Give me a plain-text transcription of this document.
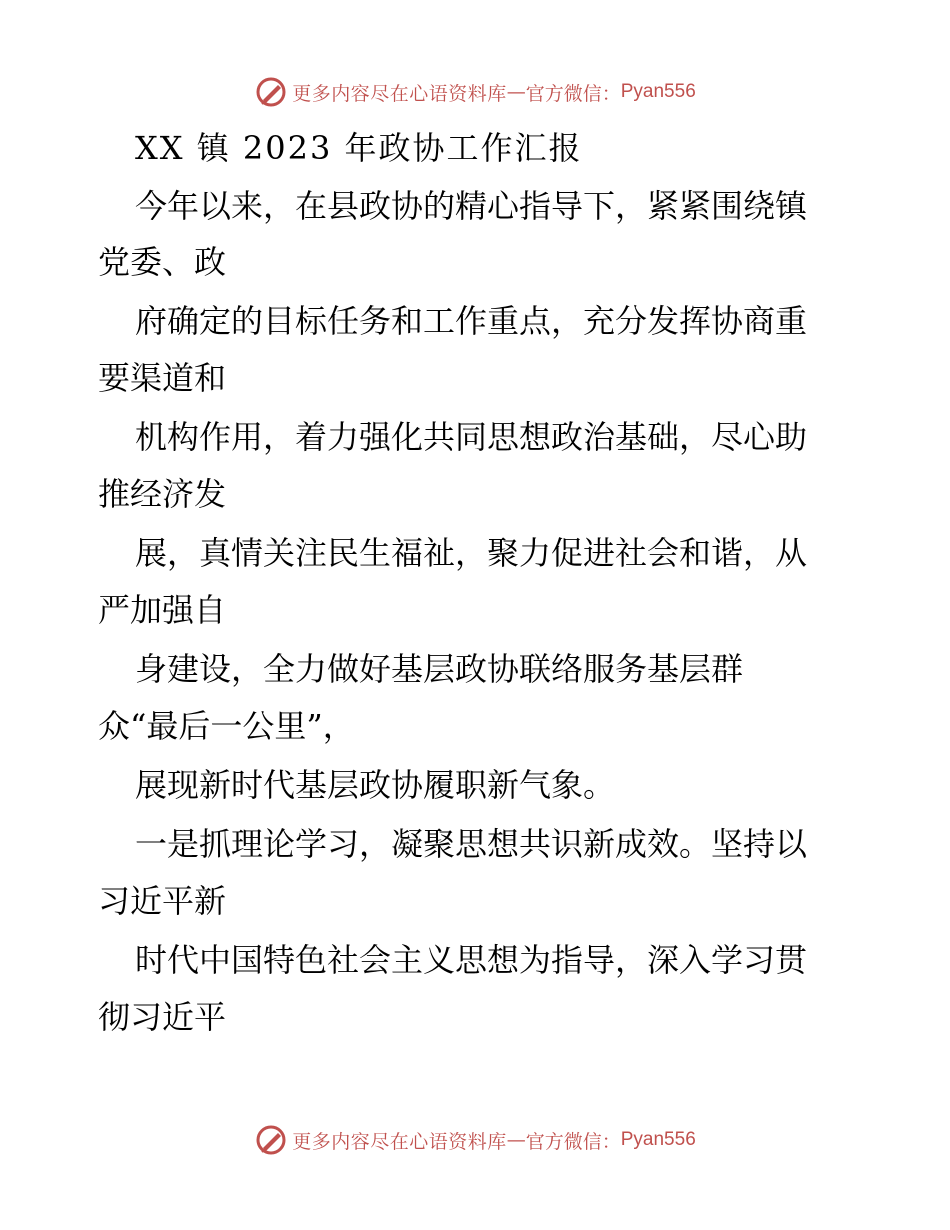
更多内容尽在心语资料库 — 官方微信： Pyan556
XX 镇 2023 年政协工作汇报
今年以来，在县政协的精心指导下，紧紧围绕镇
党委、政
府确定的目标任务和工作重点，充分发挥协商重
要渠道和
机构作用，着力强化共同思想政治基础，尽心助
推经济发
展，真情关注民生福祉，聚力促进社会和谐，从
严加强自
身建设，全力做好基层政协联络服务基层群
众“最后一公里”，
展现新时代基层政协履职新气象。
一是抓理论学习，凝聚思想共识新成效。坚持以
习近平新
时代中国特色社会主义思想为指导，深入学习贯
彻习近平
更多内容尽在心语资料库 — 官方微信： Pyan556
